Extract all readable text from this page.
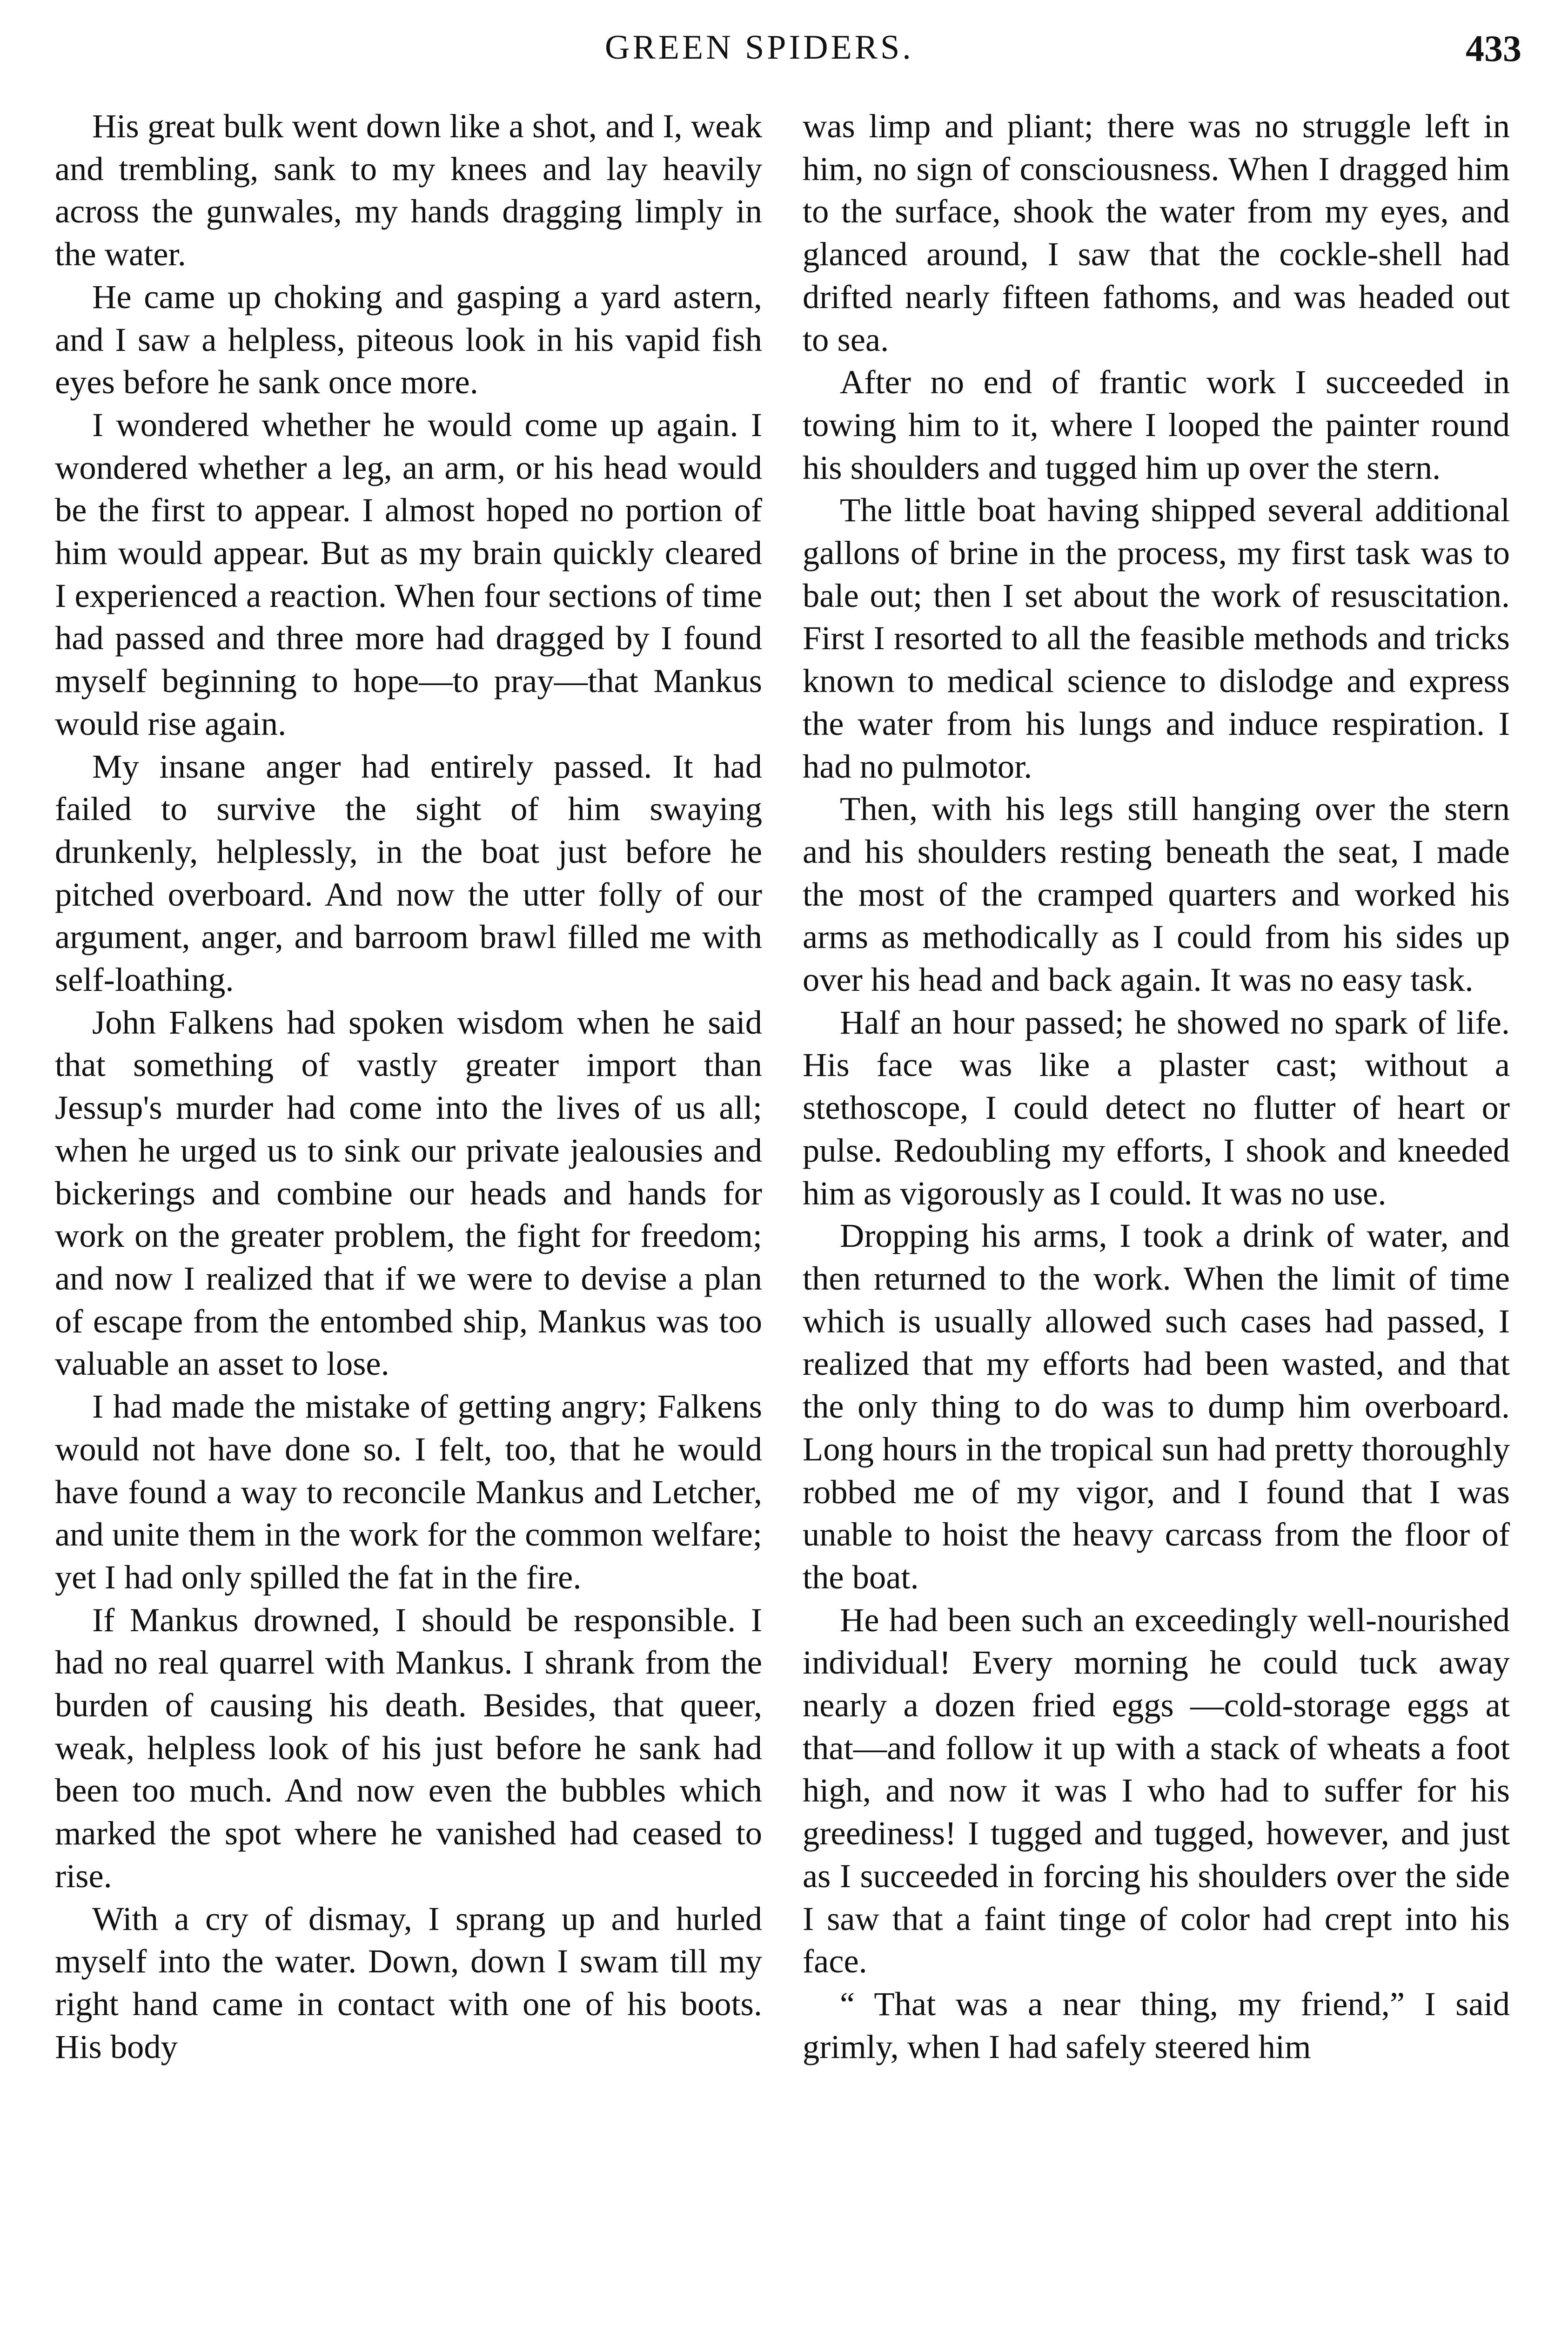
GREEN SPIDERS.	433

His great bulk went down like a shot, and I, weak and trembling, sank to my knees and lay heavily across the gunwales, my hands dragging limply in the water.

He came up choking and gasping a yard astern, and I saw a helpless, piteous look in his vapid fish eyes before he sank once more.

I wondered whether he would come up again. I wondered whether a leg, an arm, or his head would be the first to appear. I almost hoped no portion of him would appear. But as my brain quickly cleared I experienced a reaction. When four sections of time had passed and three more had dragged by I found myself beginning to hope—to pray—that Mankus would rise again.

My insane anger had entirely passed. It had failed to survive the sight of him swaying drunkenly, helplessly, in the boat just before he pitched overboard. And now the utter folly of our argument, anger, and barroom brawl filled me with self-loathing.

John Falkens had spoken wisdom when he said that something of vastly greater import than Jessup's murder had come into the lives of us all; when he urged us to sink our private jealousies and bickerings and combine our heads and hands for work on the greater problem, the fight for freedom; and now I realized that if we were to devise a plan of escape from the entombed ship, Mankus was too valuable an asset to lose.

I had made the mistake of getting angry; Falkens would not have done so. I felt, too, that he would have found a way to reconcile Mankus and Letcher, and unite them in the work for the common welfare; yet I had only spilled the fat in the fire.

If Mankus drowned, I should be responsible. I had no real quarrel with Mankus. I shrank from the burden of causing his death. Besides, that queer, weak, helpless look of his just before he sank had been too much. And now even the bubbles which marked the spot where he vanished had ceased to rise.

With a cry of dismay, I sprang up and hurled myself into the water. Down, down I swam till my right hand came in contact with one of his boots. His body

was limp and pliant; there was no struggle left in him, no sign of consciousness. When I dragged him to the surface, shook the water from my eyes, and glanced around, I saw that the cockle-shell had drifted nearly fifteen fathoms, and was headed out to sea.

After no end of frantic work I succeeded in towing him to it, where I looped the painter round his shoulders and tugged him up over the stern.

The little boat having shipped several additional gallons of brine in the process, my first task was to bale out; then I set about the work of resuscitation. First I resorted to all the feasible methods and tricks known to medical science to dislodge and express the water from his lungs and induce respiration. I had no pulmotor.

Then, with his legs still hanging over the stern and his shoulders resting beneath the seat, I made the most of the cramped quarters and worked his arms as methodically as I could from his sides up over his head and back again. It was no easy task.

Half an hour passed; he showed no spark of life. His face was like a plaster cast; without a stethoscope, I could detect no flutter of heart or pulse. Redoubling my efforts, I shook and kneeded him as vigorously as I could. It was no use.

Dropping his arms, I took a drink of water, and then returned to the work. When the limit of time which is usually allowed such cases had passed, I realized that my efforts had been wasted, and that the only thing to do was to dump him overboard. Long hours in the tropical sun had pretty thoroughly robbed me of my vigor, and I found that I was unable to hoist the heavy carcass from the floor of the boat.

He had been such an exceedingly well-nourished individual! Every morning he could tuck away nearly a dozen fried eggs —cold-storage eggs at that—and follow it up with a stack of wheats a foot high, and now it was I who had to suffer for his greediness! I tugged and tugged, however, and just as I succeeded in forcing his shoulders over the side I saw that a faint tinge of color had crept into his face.

“ That was a near thing, my friend,” I said grimly, when I had safely steered him
